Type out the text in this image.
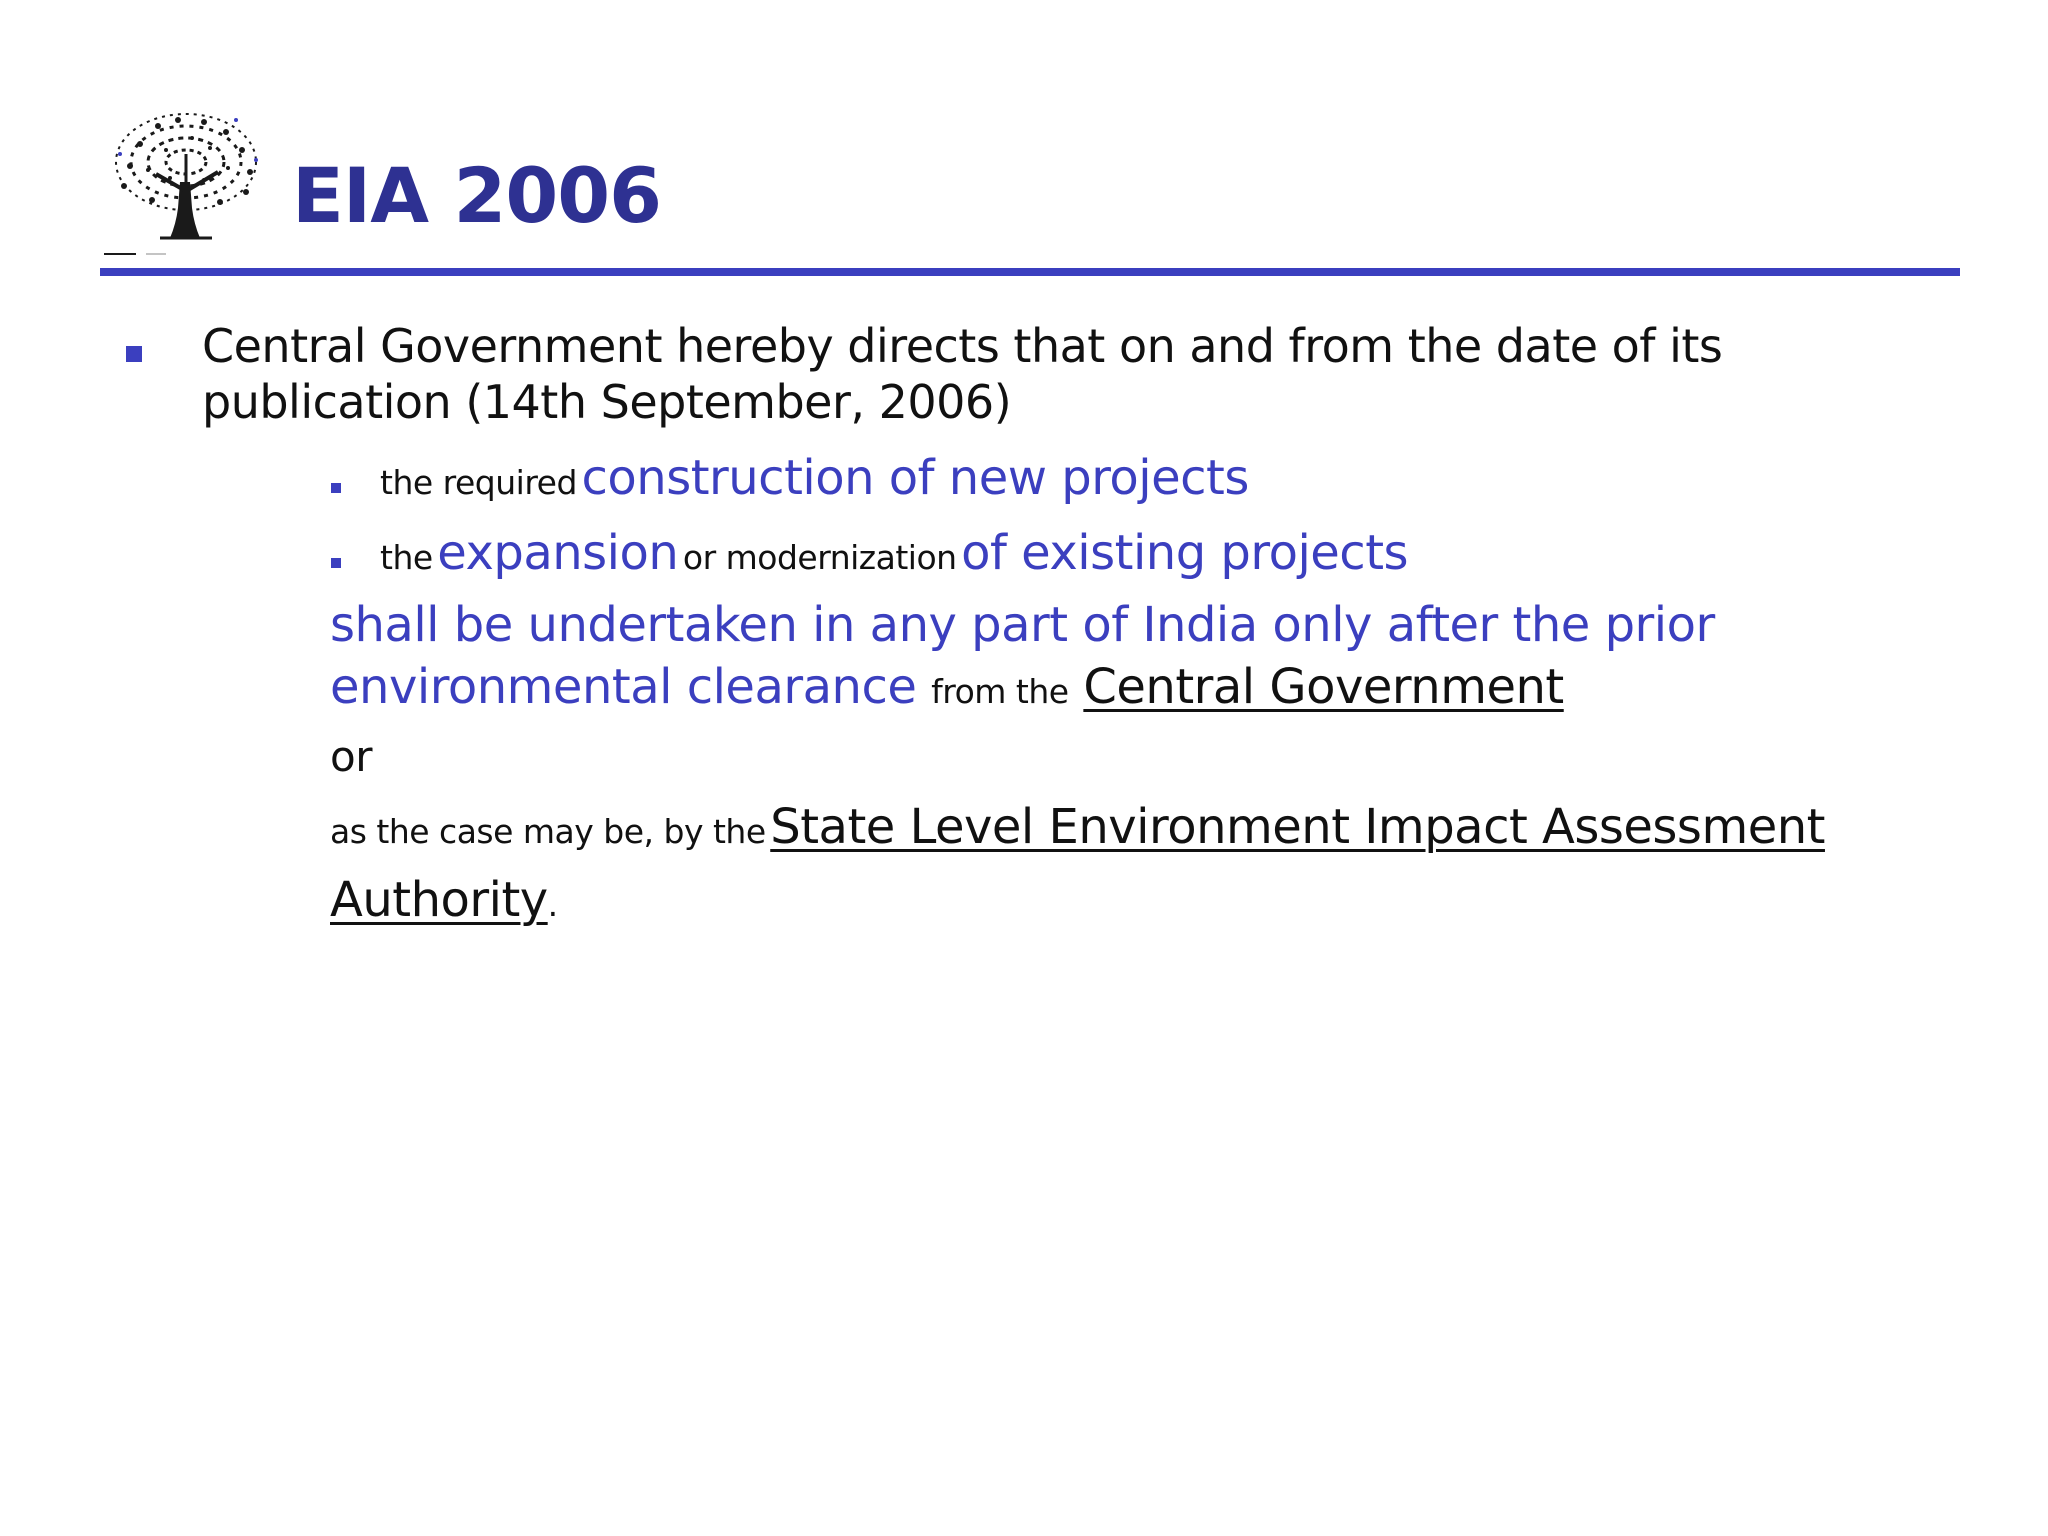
EIA 2006

Central Government hereby directs that on and from the date of its publication (14th September, 2006)

the required construction of new projects
the expansion or modernization of existing projects

shall be undertaken in any part of India only after the prior environmental clearance from the Central Government

or

as the case may be, by the State Level Environment Impact Assessment Authority.
